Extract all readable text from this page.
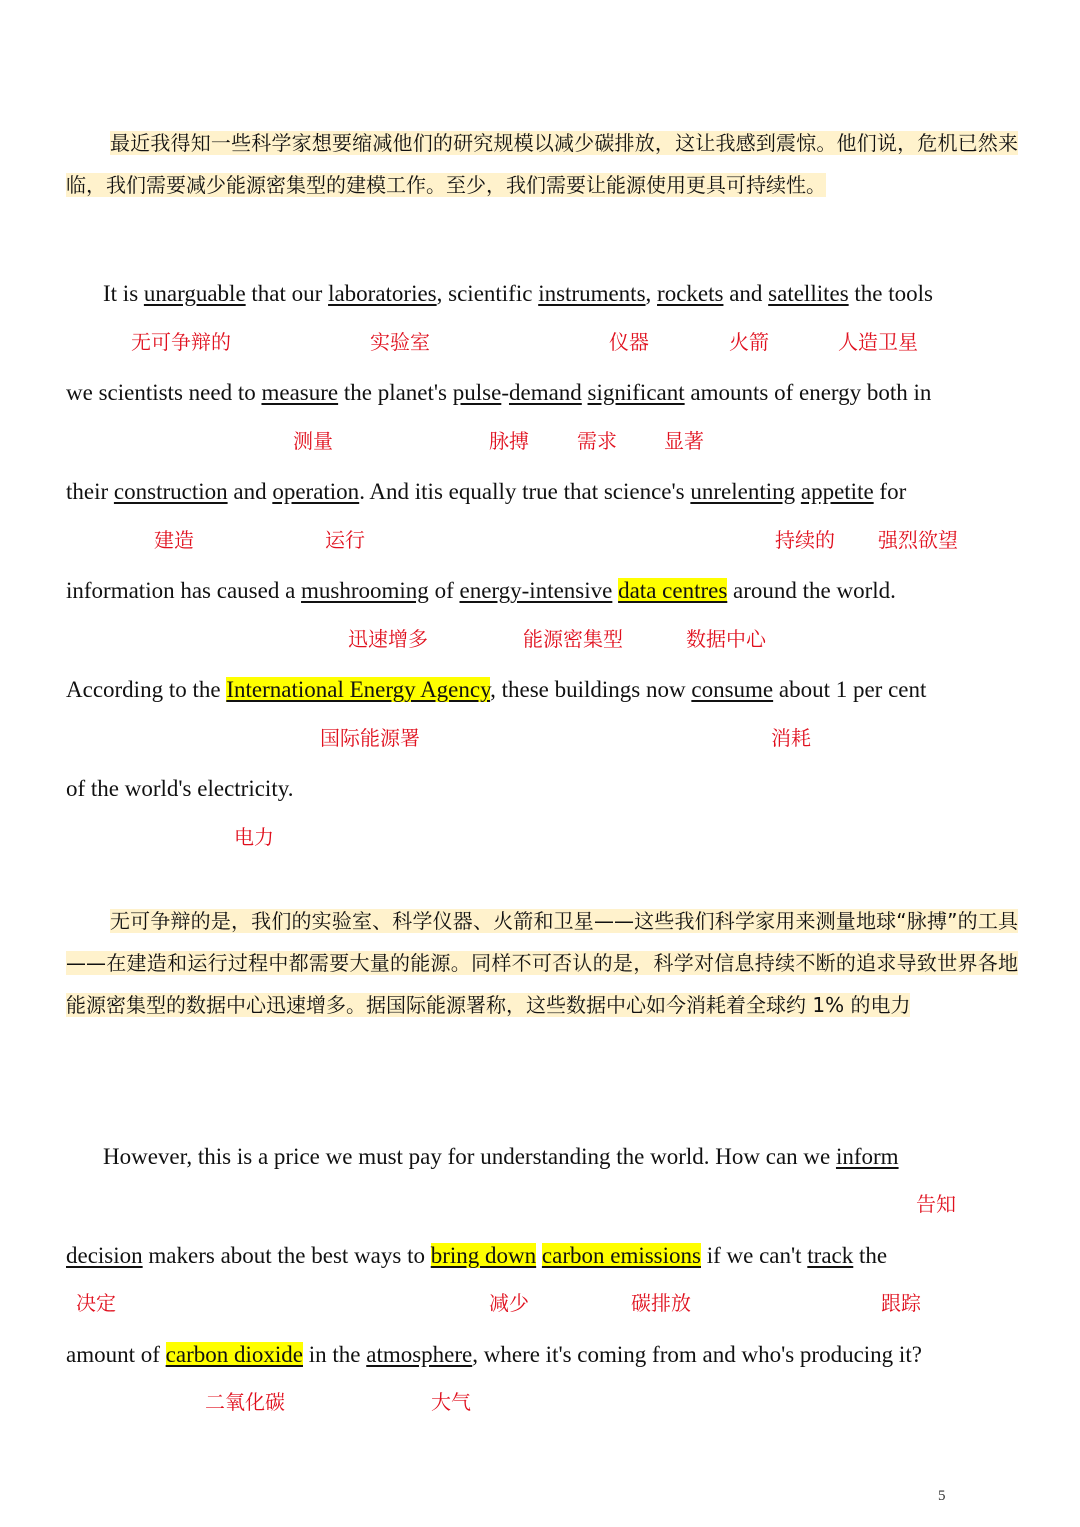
最近我得知一些科学家想要缩减他们的研究规模以减少碳排放，这让我感到震惊。他们说，危机已然来临，我们需要减少能源密集型的建模工作。至少，我们需要让能源使用更具可持续性。
It is unarguable that our laboratories, scientific instruments, rockets and satellites the tools
无可争辩的	实验室	仪器	火箭	人造卫星
we scientists need to measure the planet's pulse-demand significant amounts of energy both in
测量	脉搏 需求 显著
their construction and operation. And itis equally true that science's unrelenting appetite for
建造	运行	持续的 强烈欲望
information has caused a mushrooming of energy-intensive data centres around the world.
迅速增多	能源密集型	数据中心
According to the International Energy Agency, these buildings now consume about 1 per cent
国际能源署	消耗
of the world's electricity.
电力
无可争辩的是，我们的实验室、科学仪器、火箭和卫星——这些我们科学家用来测量地球“脉搏”的工具——在建造和运行过程中都需要大量的能源。同样不可否认的是，科学对信息持续不断的追求导致世界各地能源密集型的数据中心迅速增多。据国际能源署称，这些数据中心如今消耗着全球约 1% 的电力
However, this is a price we must pay for understanding the world. How can we inform
告知
decision makers about the best ways to bring down carbon emissions if we can't track the
决定	减少	碳排放	跟踪
amount of carbon dioxide in the atmosphere, where it's coming from and who's producing it?
二氧化碳	大气
5
